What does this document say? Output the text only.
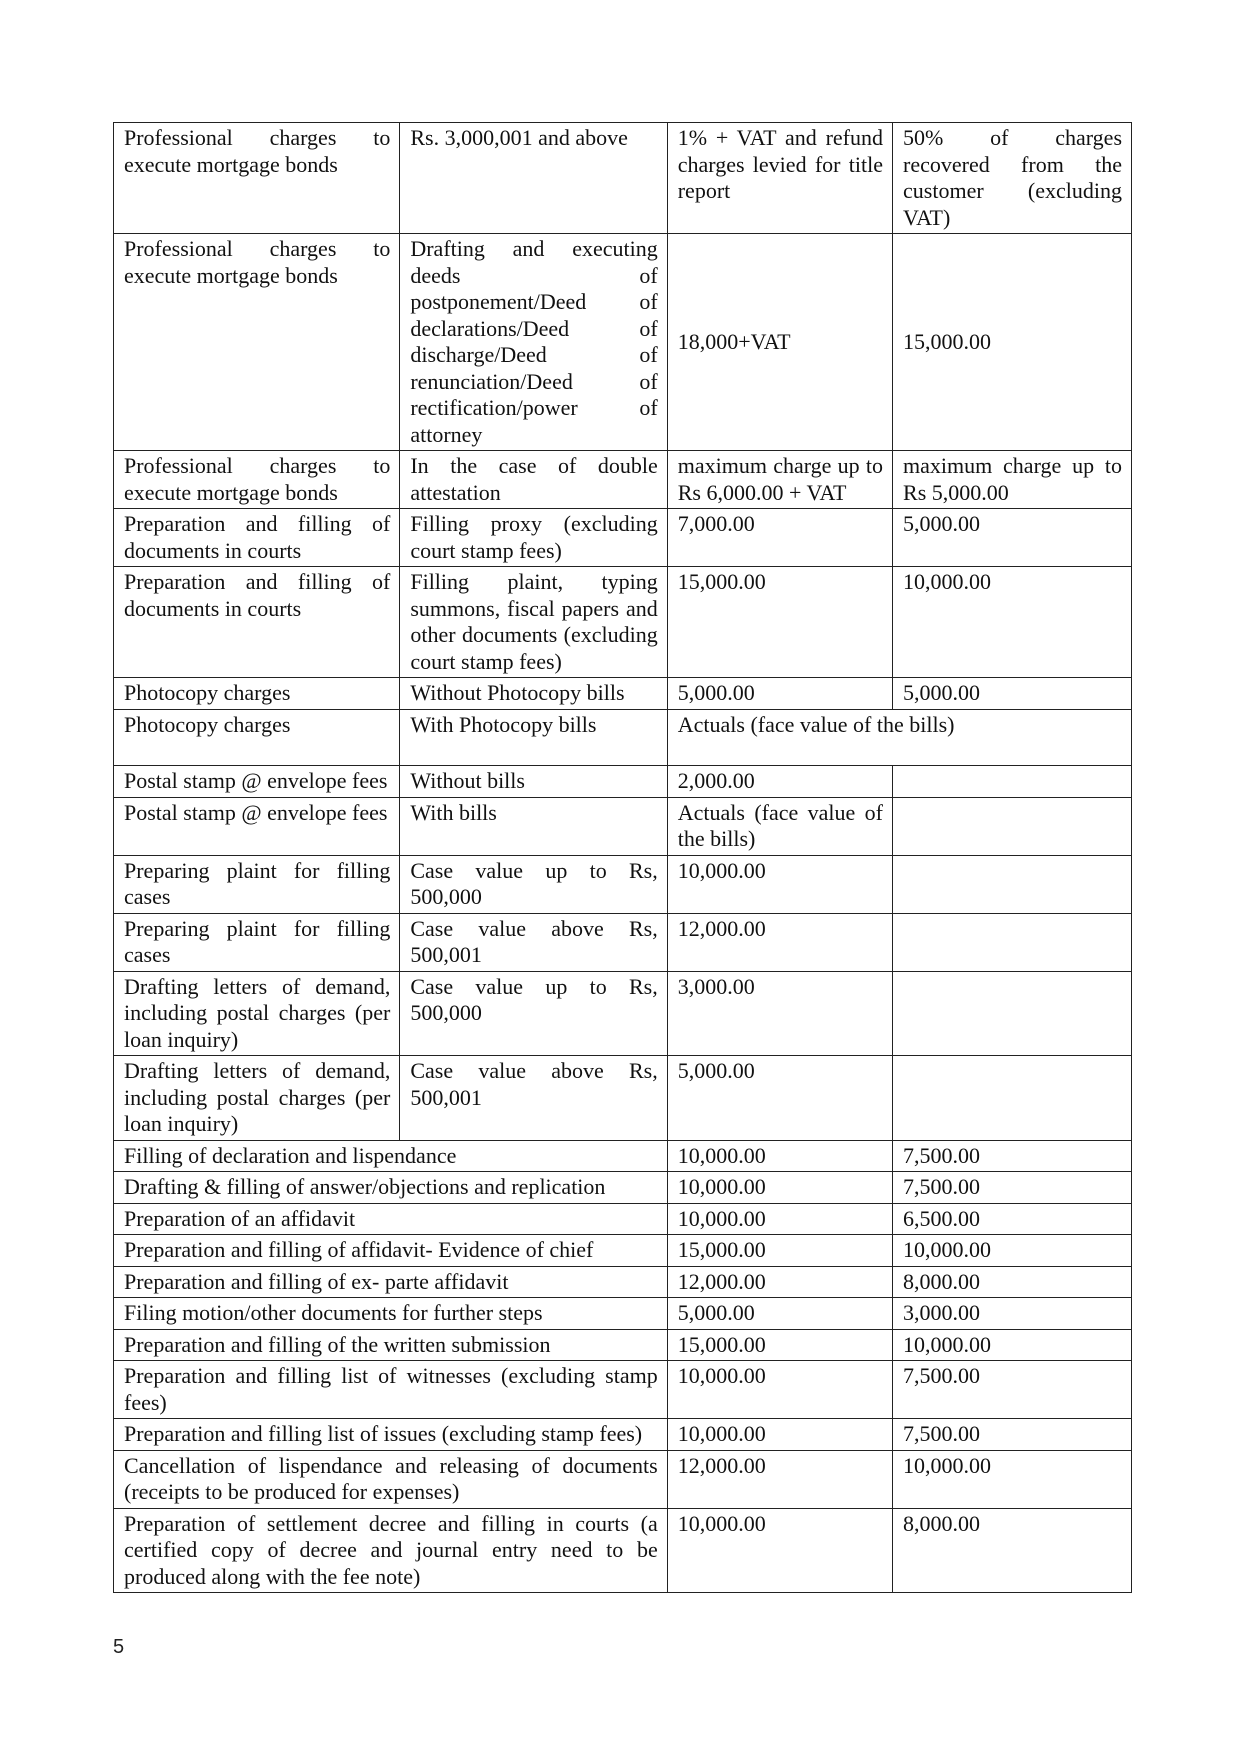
Professional charges to execute mortgage bonds	Rs. 3,000,001 and above	1% + VAT and refund charges levied for title report	50% of charges recovered from the customer (excluding VAT)
Professional charges to execute mortgage bonds	Drafting and executing deeds of postponement/Deed of declarations/Deed of discharge/Deed of renunciation/Deed of rectification/power of attorney	18,000+VAT	15,000.00
Professional charges to execute mortgage bonds	In the case of double attestation	maximum charge up to Rs 6,000.00 + VAT	maximum charge up to Rs 5,000.00
Preparation and filling of documents in courts	Filling proxy (excluding court stamp fees)	7,000.00	5,000.00
Preparation and filling of documents in courts	Filling plaint, typing summons, fiscal papers and other documents (excluding court stamp fees)	15,000.00	10,000.00
Photocopy charges	Without Photocopy bills	5,000.00	5,000.00
Photocopy charges	With Photocopy bills	Actuals (face value of the bills)	
Postal stamp @ envelope fees	Without bills	2,000.00	
Postal stamp @ envelope fees	With bills	Actuals (face value of the bills)	
Preparing plaint for filling cases	Case value up to Rs, 500,000	10,000.00	
Preparing plaint for filling cases	Case value above Rs, 500,001	12,000.00	
Drafting letters of demand, including postal charges (per loan inquiry)	Case value up to Rs, 500,000	3,000.00	
Drafting letters of demand, including postal charges (per loan inquiry)	Case value above Rs, 500,001	5,000.00	
Filling of declaration and lispendance		10,000.00	7,500.00
Drafting & filling of answer/objections and replication		10,000.00	7,500.00
Preparation of an affidavit		10,000.00	6,500.00
Preparation and filling of affidavit- Evidence of chief		15,000.00	10,000.00
Preparation and filling of ex- parte affidavit		12,000.00	8,000.00
Filing motion/other documents for further steps		5,000.00	3,000.00
Preparation and filling of the written submission		15,000.00	10,000.00
Preparation and filling list of witnesses (excluding stamp fees)		10,000.00	7,500.00
Preparation and filling list of issues (excluding stamp fees)		10,000.00	7,500.00
Cancellation of lispendance and releasing of documents (receipts to be produced for expenses)		12,000.00	10,000.00
Preparation of settlement decree and filling in courts (a certified copy of decree and journal entry need to be produced along with the fee note)		10,000.00	8,000.00
5
